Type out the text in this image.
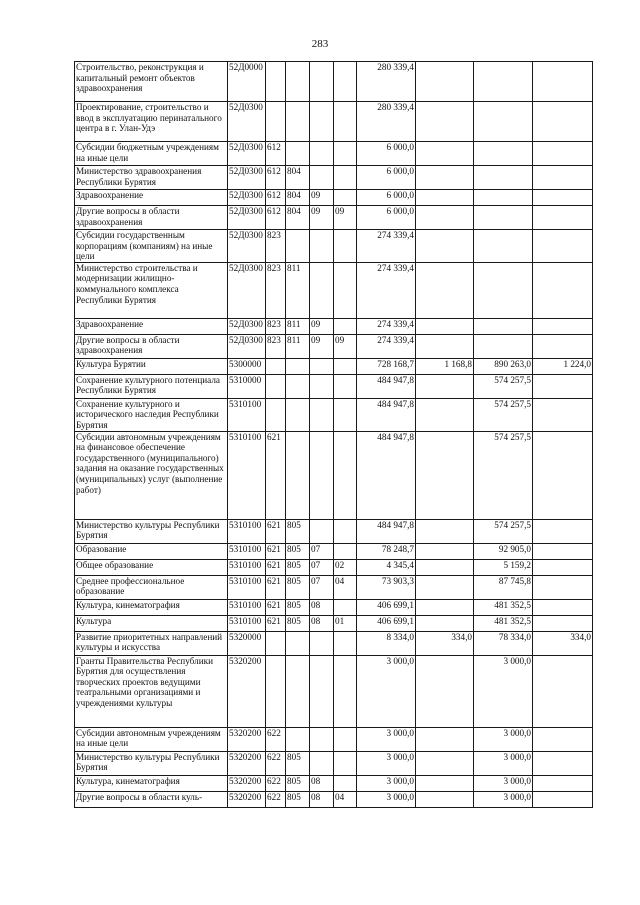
283
Строительство, реконструкция и капитальный ремонт объектов здравоохранения	52Д0000					280 339,4			
Проектирование, строительство и ввод в эксплуатацию перинатального центра в г. Улан-Удэ	52Д0300					280 339,4			
Субсидии бюджетным учреждениям на иные цели	52Д0300	612				6 000,0			
Министерство здравоохранения Республики Бурятия	52Д0300	612	804			6 000,0			
Здравоохранение	52Д0300	612	804	09		6 000,0			
Другие вопросы в области здравоохранения	52Д0300	612	804	09	09	6 000,0			
Субсидии государственным корпорациям (компаниям) на иные цели	52Д0300	823				274 339,4			
Министерство строительства и модернизации жилищно-коммунального комплекса Республики Бурятия	52Д0300	823	811			274 339,4			
Здравоохранение	52Д0300	823	811	09		274 339,4			
Другие вопросы в области здравоохранения	52Д0300	823	811	09	09	274 339,4			
Культура Бурятии	5300000					728 168,7	1 168,8	890 263,0	1 224,0
Сохранение культурного потенциала Республики Бурятия	5310000					484 947,8		574 257,5	
Сохранение культурного и исторического наследия Республики Бурятия	5310100					484 947,8		574 257,5	
Субсидии автономным учреждениям на финансовое обеспечение государственного (муниципального) задания на оказание государственных (муниципальных) услуг (выполнение работ)	5310100	621				484 947,8		574 257,5	
Министерство культуры Республики Бурятия	5310100	621	805			484 947,8		574 257,5	
Образование	5310100	621	805	07		78 248,7		92 905,0	
Общее образование	5310100	621	805	07	02	4 345,4		5 159,2	
Среднее профессиональное образование	5310100	621	805	07	04	73 903,3		87 745,8	
Культура, кинематография	5310100	621	805	08		406 699,1		481 352,5	
Культура	5310100	621	805	08	01	406 699,1		481 352,5	
Развитие приоритетных направлений культуры и искусства	5320000					8 334,0	334,0	78 334,0	334,0
Гранты Правительства Республики Бурятия для осуществления творческих проектов ведущими театральными организациями и учреждениями культуры	5320200					3 000,0		3 000,0	
Субсидии автономным учреждениям на иные цели	5320200	622				3 000,0		3 000,0	
Министерство культуры Республики Бурятия	5320200	622	805			3 000,0		3 000,0	
Культура, кинематография	5320200	622	805	08		3 000,0		3 000,0	
Другие вопросы в области куль-	5320200	622	805	08	04	3 000,0		3 000,0	
